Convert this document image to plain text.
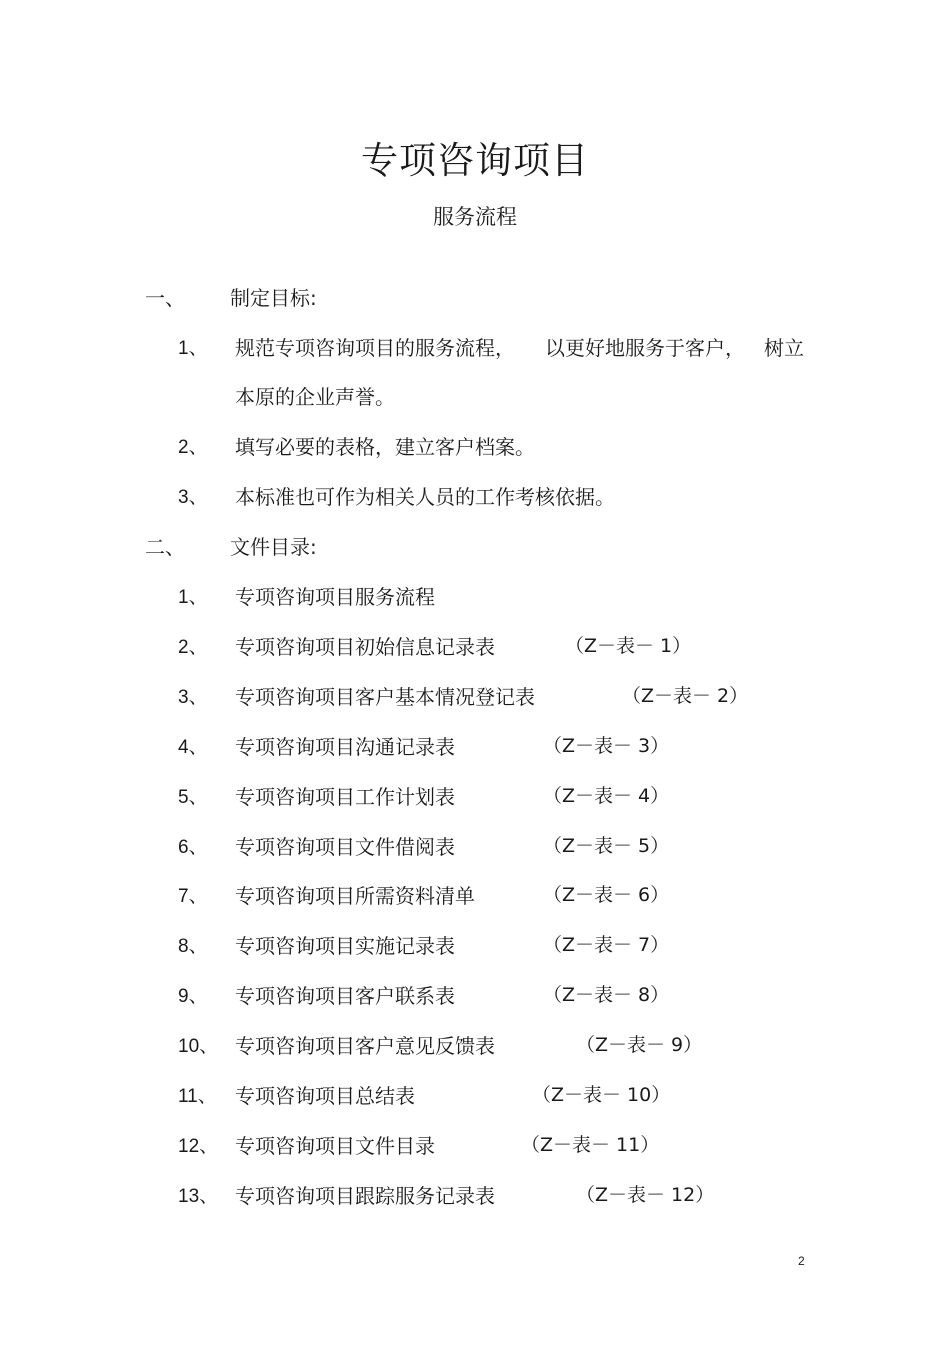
专项咨询项目
服务流程
一、 制定目标:
1、 规范专项咨询项目的服务流程， 以更好地服务于客户， 树立
本原的企业声誉。
2、 填写必要的表格，建立客户档案。
3、 本标准也可作为相关人员的工作考核依据。
二、 文件目录:
1、 专项咨询项目服务流程
2、 专项咨询项目初始信息记录表	（Z－表－ 1）
3、 专项咨询项目客户基本情况登记表	（Z－表－ 2）
4、 专项咨询项目沟通记录表	（Z－表－ 3）
5、 专项咨询项目工作计划表	（Z－表－ 4）
6、 专项咨询项目文件借阅表	（Z－表－ 5）
7、 专项咨询项目所需资料清单	（Z－表－ 6）
8、 专项咨询项目实施记录表	（Z－表－ 7）
9、 专项咨询项目客户联系表	（Z－表－ 8）
10、 专项咨询项目客户意见反馈表	（Z－表－ 9）
11、 专项咨询项目总结表	（Z－表－ 10）
12、 专项咨询项目文件目录	（Z－表－ 11）
13、 专项咨询项目跟踪服务记录表	（Z－表－ 12）
2
